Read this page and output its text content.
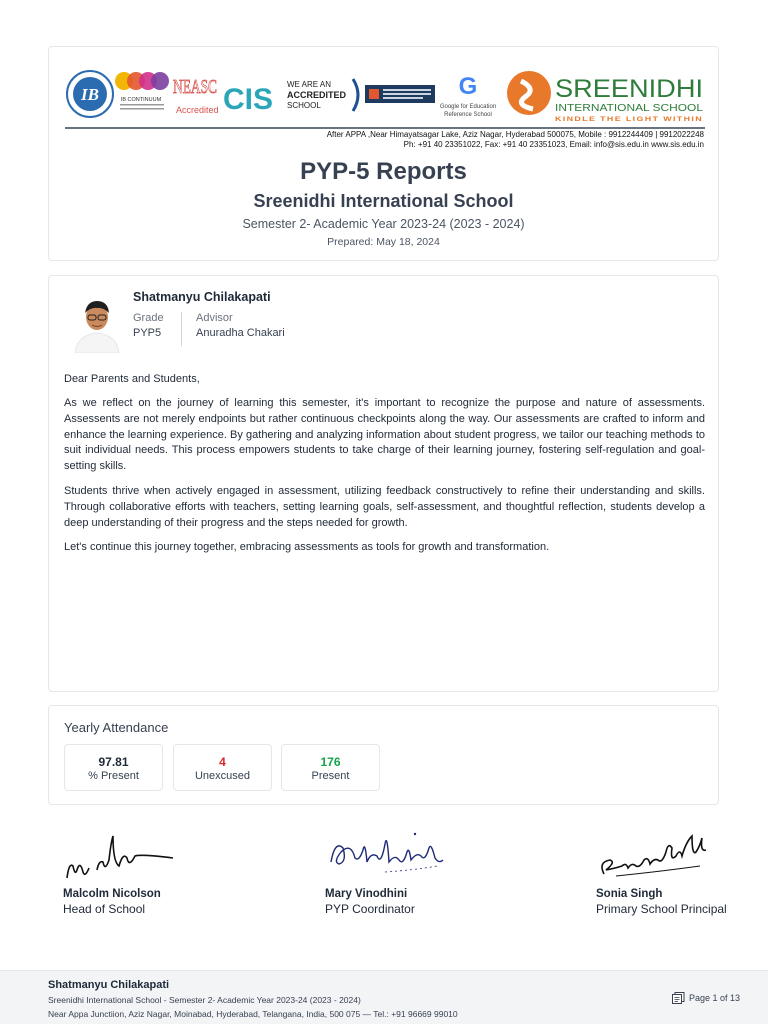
IB	IB CONTINUUM
NEASC
Accredited CIS WE ARE AN
ACCREDITED
SCHOOL
G
Google for Education
Reference School
SREENIDHI
INTERNATIONAL SCHOOL
KINDLE THE LIGHT WITHIN
After APPA ,Near Himayatsagar Lake, Aziz Nagar, Hyderabad 500075, Mobile : 9912244409 | 9912022248
Ph: +91 40 23351022, Fax: +91 40 23351023, Email: info@sis.edu.in www.sis.edu.in
PYP-5 Reports
Sreenidhi International School
Semester 2- Academic Year 2023-24 (2023 - 2024)
Prepared: May 18, 2024
Shatmanyu Chilakapati
Grade
PYP5
Advisor
Anuradha Chakari

Dear Parents and Students,

As we reflect on the journey of learning this semester, it's important to recognize the purpose and nature of assessments. Assessents are not merely endpoints but rather continuous checkpoints along the way. Our assessments are crafted to inform and enhance the learning experience. By gathering and analyzing information about student progress, we tailor our teaching methods to suit individual needs. This process empowers students to take charge of their learning journey, fostering self-regulation and goal-setting skills.

Students thrive when actively engaged in assessment, utilizing feedback constructively to refine their understanding and skills. Through collaborative efforts with teachers, setting learning goals, self-assessment, and thoughtful reflection, students develop a deep understanding of their progress and the steps needed for growth.

Let's continue this journey together, embracing assessments as tools for growth and transformation.

Yearly Attendance
97.81
% Present
4
Unexcused
176
Present
Malcolm Nicolson
Head of School
Mary Vinodhini
PYP Coordinator
Sonia Singh
Primary School Principal
Shatmanyu Chilakapati
Sreenidhi International School - Semester 2- Academic Year 2023-24 (2023 - 2024)
Near Appa Junctiion, Aziz Nagar, Moinabad, Hyderabad, Telangana, India, 500 075 — Tel.: +91 96669 99010
Page 1 of 13
